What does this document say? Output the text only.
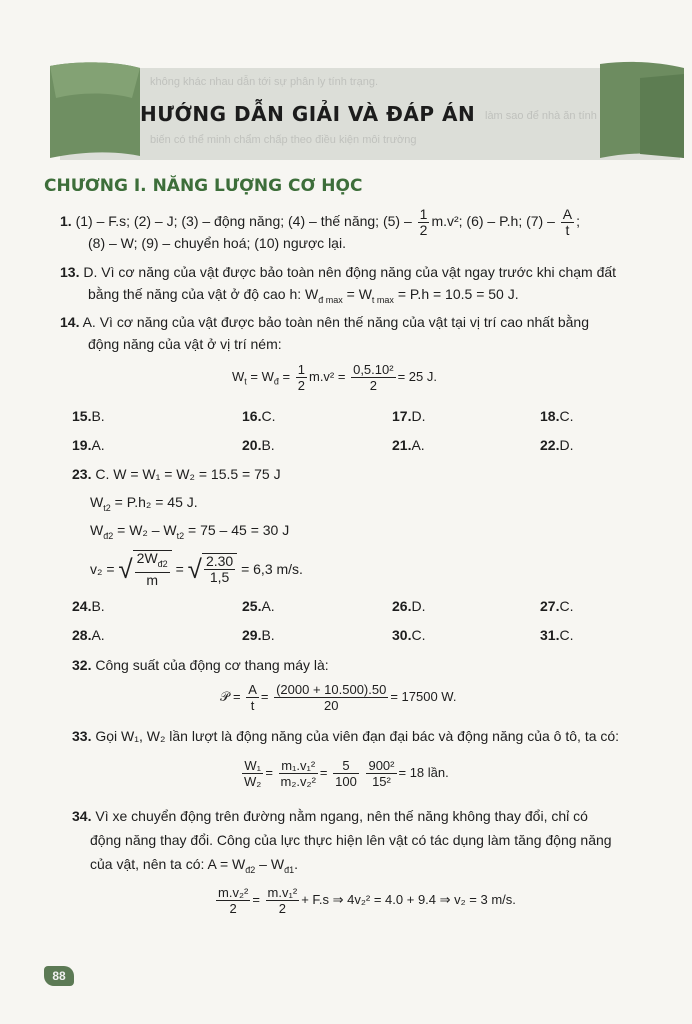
không khác nhau dẫn tới sự phân ly tính trạng.
làm sao để nhà ăn tính
biến có thể minh chẩm chấp theo điều kiện môi trường
HƯỚNG DẪN GIẢI VÀ ĐÁP ÁN
CHƯƠNG I. NĂNG LƯỢNG CƠ HỌC
1. (1) – F.s; (2) – J; (3) – động năng; (4) – thế năng; $(5) - \frac{1}{2} m.v^2$; (6) – P.h; $(7) - \frac{A}{t}$ ;
(8) – W; (9) – chuyển hoá; (10) ngược lại.
13. D. Vì cơ năng của vật được bảo toàn nên động năng của vật ngay trước khi chạm đất
bằng thế năng của vật ở độ cao h: $W_{đ max} = W_{t max} = P.h = 10.5 = 50$ J.
14. A. Vì cơ năng của vật được bảo toàn nên thế năng của vật tại vị trí cao nhất bằng
động năng của vật ở vị trí ném:
$W_t = W_đ = \frac{1}{2} m.v^2 = \frac{\text{0,5.10²}}{2} = 25$ J.
15. B.	16. C.	17. D.	18. C.
19. A.	20. B.	21. A.	22. D.
23. C. W = W₁ = W₂ = 15.5 = 75 J
$W_{t2} = P.h_2 = 45$ J.
$W_{đ2} = W_2 - W_{t2} = 75 - 45 = 30$ J
v₂ = √ $\frac{2W_{đ2}}{m}$ = √ $\frac{2.30}{1,5} = 6,3$ m/s.
24. B.	25. A.	26. D.	27. C.
28. A.	29. B.	30. C.	31. C.
32. Công suất của động cơ thang máy là:
𝒫 = $\frac{A}{t} = \frac{(2000 + 10.500).50}{20} = 17500$ W.
33. Gọi W₁, W₂ lần lượt là động năng của viên đạn đại bác và động năng của ô tô, ta có:
$\frac{\text{W₁}}{\text{W₂}} = \frac{\text{m₁.v₁²}}{\text{m₂.v₂²}} = \frac{5}{100}$
$\frac{\text{900²}}{\text{15²}} = 18$ lần.
34. Vì xe chuyển động trên đường nằm ngang, nên thế năng không thay đổi, chỉ có
động năng thay đổi. Công của lực thực hiện lên vật có tác dụng làm tăng động năng
của vật, nên ta có: $A = W_{đ2} - W_{đ1}$.
$\frac{\text{m.v₂²}}{2} = \frac{\text{m.v₁²}}{2} + F.s$ ⇒ 4v₂² = 4.0 + 9.4 ⇒ v₂ = 3 m/s.
88
